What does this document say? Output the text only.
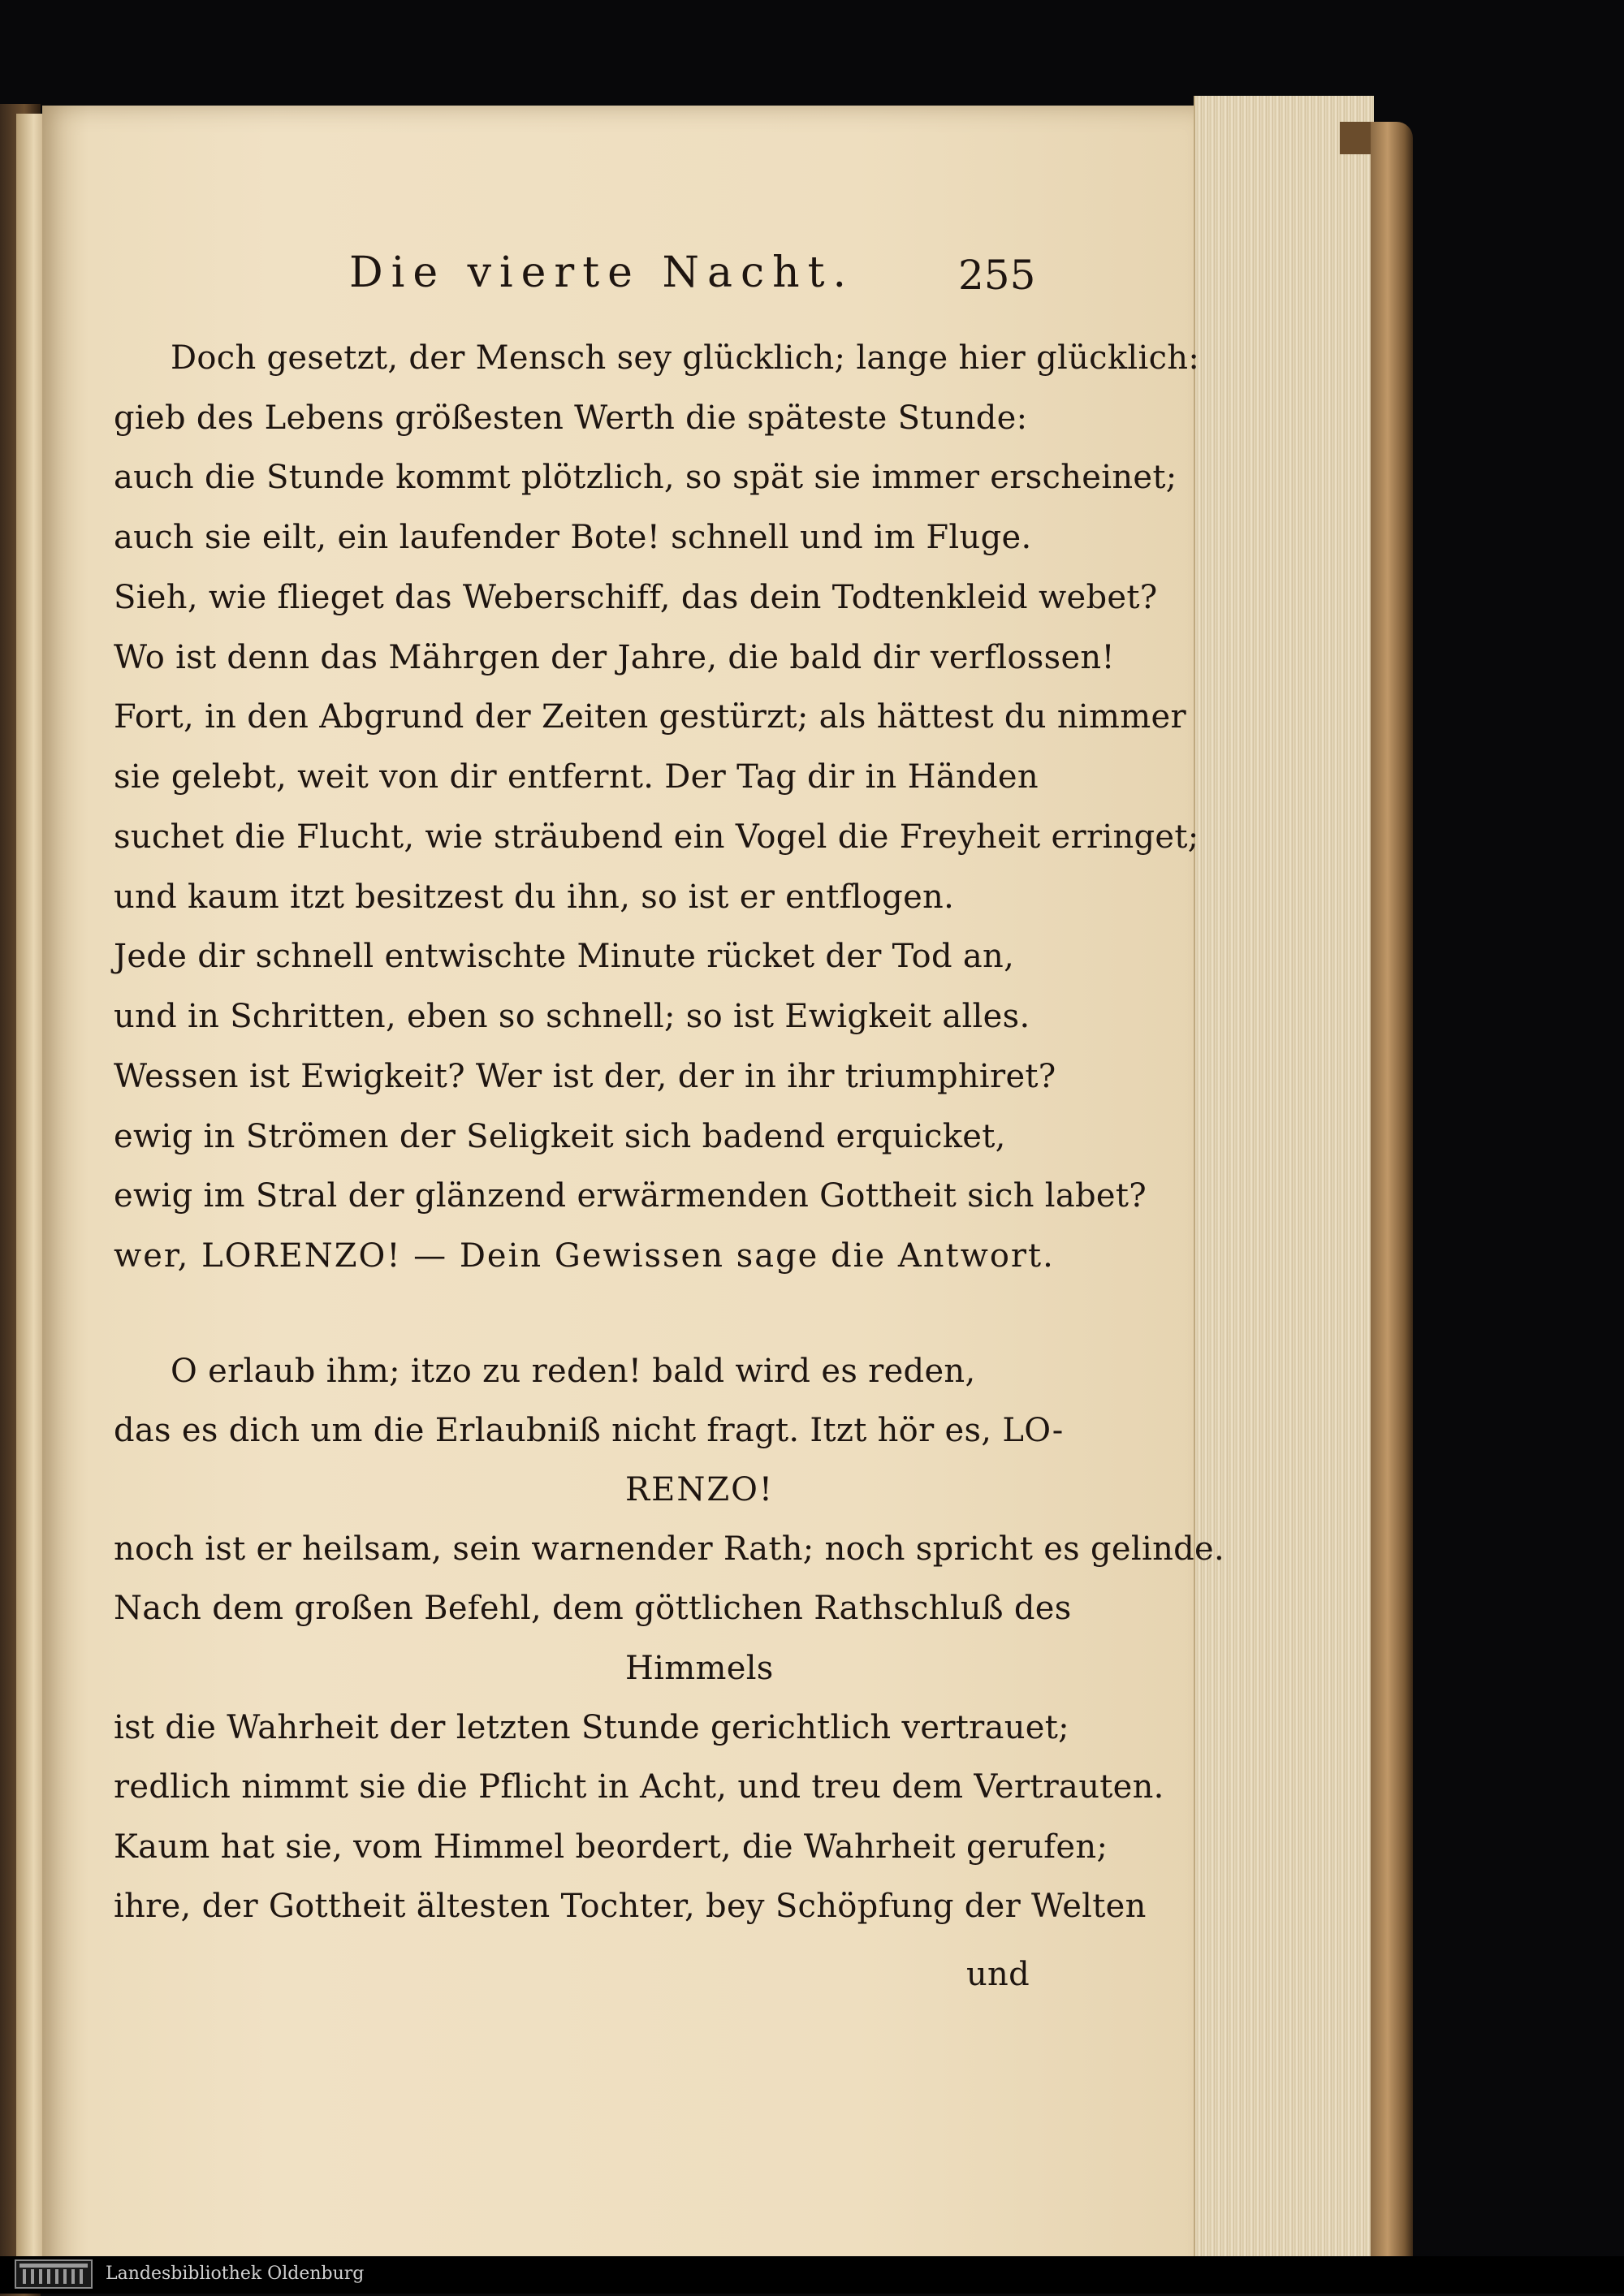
Die vierte Nacht.	255
Doch gesetzt, der Mensch sey glücklich; lange hier glücklich:
gieb des Lebens größesten Werth die späteste Stunde:
auch die Stunde kommt plötzlich, so spät sie immer erscheinet;
auch sie eilt, ein laufender Bote! schnell und im Fluge.
Sieh, wie flieget das Weberschiff, das dein Todtenkleid webet?
Wo ist denn das Mährgen der Jahre, die bald dir verflossen!
Fort, in den Abgrund der Zeiten gestürzt; als hättest du nimmer
sie gelebt, weit von dir entfernt. Der Tag dir in Händen
suchet die Flucht, wie sträubend ein Vogel die Freyheit erringet;
und kaum itzt besitzest du ihn, so ist er entflogen.
Jede dir schnell entwischte Minute rücket der Tod an,
und in Schritten, eben so schnell; so ist Ewigkeit alles.
Wessen ist Ewigkeit? Wer ist der, der in ihr triumphiret?
ewig in Strömen der Seligkeit sich badend erquicket,
ewig im Stral der glänzend erwärmenden Gottheit sich labet?
wer, LORENZO! — Dein Gewissen sage die Antwort.
O erlaub ihm; itzo zu reden! bald wird es reden,
das es dich um die Erlaubniß nicht fragt. Itzt hör es, LO-
RENZO!
noch ist er heilsam, sein warnender Rath; noch spricht es gelinde.
Nach dem großen Befehl, dem göttlichen Rathschluß des
Himmels
ist die Wahrheit der letzten Stunde gerichtlich vertrauet;
redlich nimmt sie die Pflicht in Acht, und treu dem Vertrauten.
Kaum hat sie, vom Himmel beordert, die Wahrheit gerufen;
ihre, der Gottheit ältesten Tochter, bey Schöpfung der Welten
und
Landesbibliothek Oldenburg
